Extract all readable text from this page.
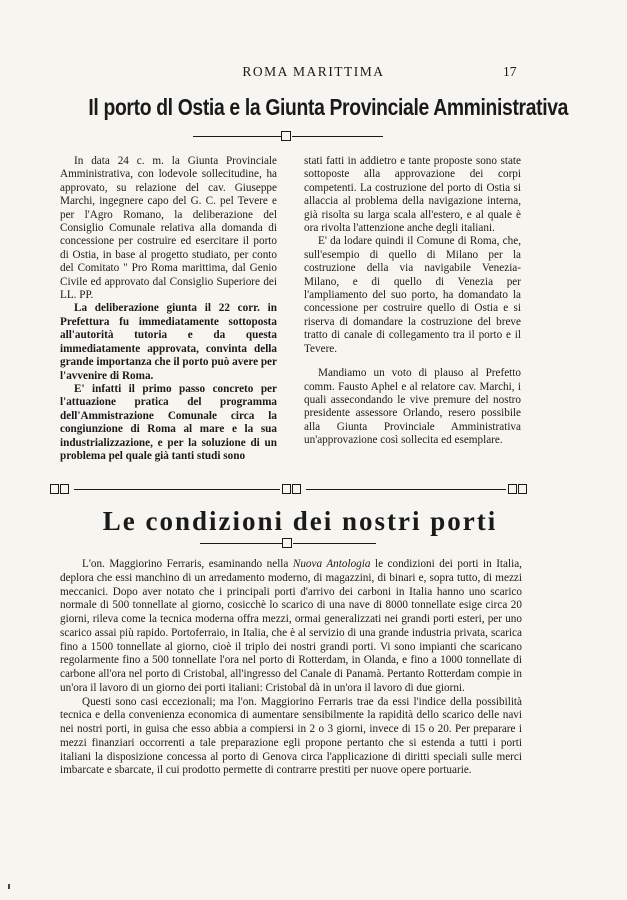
ROMA MARITTIMA	17
Il porto dl Ostia e la Giunta Provinciale Amministrativa

In data 24 c. m. la Giunta Provinciale Amministrativa, con lodevole sollecitudine, ha approvato, su relazione del cav. Giuseppe Marchi, ingegnere capo del G. C. pel Tevere e per l'Agro Romano, la deliberazione del Consiglio Comunale relativa alla domanda di concessione per costruire ed esercitare il porto di Ostia, in base al progetto studiato, per conto del Comitato " Pro Roma marittima, dal Genio Civile ed approvato dal Consiglio Superiore dei LL. PP.

La deliberazione giunta il 22 corr. in Prefettura fu immediatamente sottoposta all'autorità tutoria e da questa immediatamente approvata, convinta della grande importanza che il porto può avere per l'avvenire di Roma.

E' infatti il primo passo concreto per l'attuazione pratica del programma dell'Ammistrazione Comunale circa la congiunzione di Roma al mare e la sua industrializzazione, e per la soluzione di un problema pel quale già tanti studi sono

stati fatti in addietro e tante proposte sono state sottoposte alla approvazione dei corpi competenti. La costruzione del porto di Ostia si allaccia al problema della navigazione interna, già risolta su larga scala all'estero, e al quale è ora rivolta l'attenzione anche degli italiani.

E' da lodare quindi il Comune di Roma, che, sull'esempio di quello di Milano per la costruzione della via navigabile Venezia-Milano, e di quello di Venezia per l'ampliamento del suo porto, ha domandato la concessione per costruire quello di Ostia e si riserva di domandare la costruzione del breve tratto di canale di collegamento tra il porto e il Tevere.

Mandiamo un voto di plauso al Prefetto comm. Fausto Aphel e al relatore cav. Marchi, i quali assecondando le vive premure del nostro presidente assessore Orlando, resero possibile alla Giunta Provinciale Amministrativa un'approvazione così sollecita ed esemplare.

Le condizioni dei nostri porti

L'on. Maggiorino Ferraris, esaminando nella Nuova Antologia le condizioni dei porti in Italia, deplora che essi manchino di un arredamento moderno, di magazzini, di binari e, sopra tutto, di mezzi meccanici. Dopo aver notato che i principali porti d'arrivo dei carboni in Italia hanno uno scarico normale di 500 tonnellate al giorno, cosicchè lo scarico di una nave di 8000 tonnellate esige circa 20 giorni, rileva come la tecnica moderna offra mezzi, ormai generalizzati nei grandi porti esteri, per uno scarico assai più rapido. Portoferraio, in Italia, che è al servizio di una grande industria privata, scarica fino a 1500 tonnellate al giorno, cioè il triplo dei nostri grandi porti. Vi sono impianti che scaricano regolarmente fino a 500 tonnellate l'ora nel porto di Rotterdam, in Olanda, e fino a 1000 tonnellate di carbone all'ora nel porto di Cristobal, all'ingresso del Canale di Panamà. Pertanto Rotterdam compie in un'ora il lavoro di un giorno dei porti italiani: Cristobal dà in un'ora il lavoro di due giorni.

Questi sono casi eccezionali; ma l'on. Maggiorino Ferraris trae da essi l'indice della possibilità tecnica e della convenienza economica di aumentare sensibilmente la rapidità dello scarico delle navi nei nostri porti, in guisa che esso abbia a compiersi in 2 o 3 giorni, invece di 15 o 20. Per preparare i mezzi finanziari occorrenti a tale preparazione egli propone pertanto che si estenda a tutti i porti italiani la disposizione concessa al porto di Genova circa l'applicazione di diritti speciali sulle merci imbarcate e sbarcate, il cui prodotto permette di contrarre prestiti per nuove opere portuarie.
